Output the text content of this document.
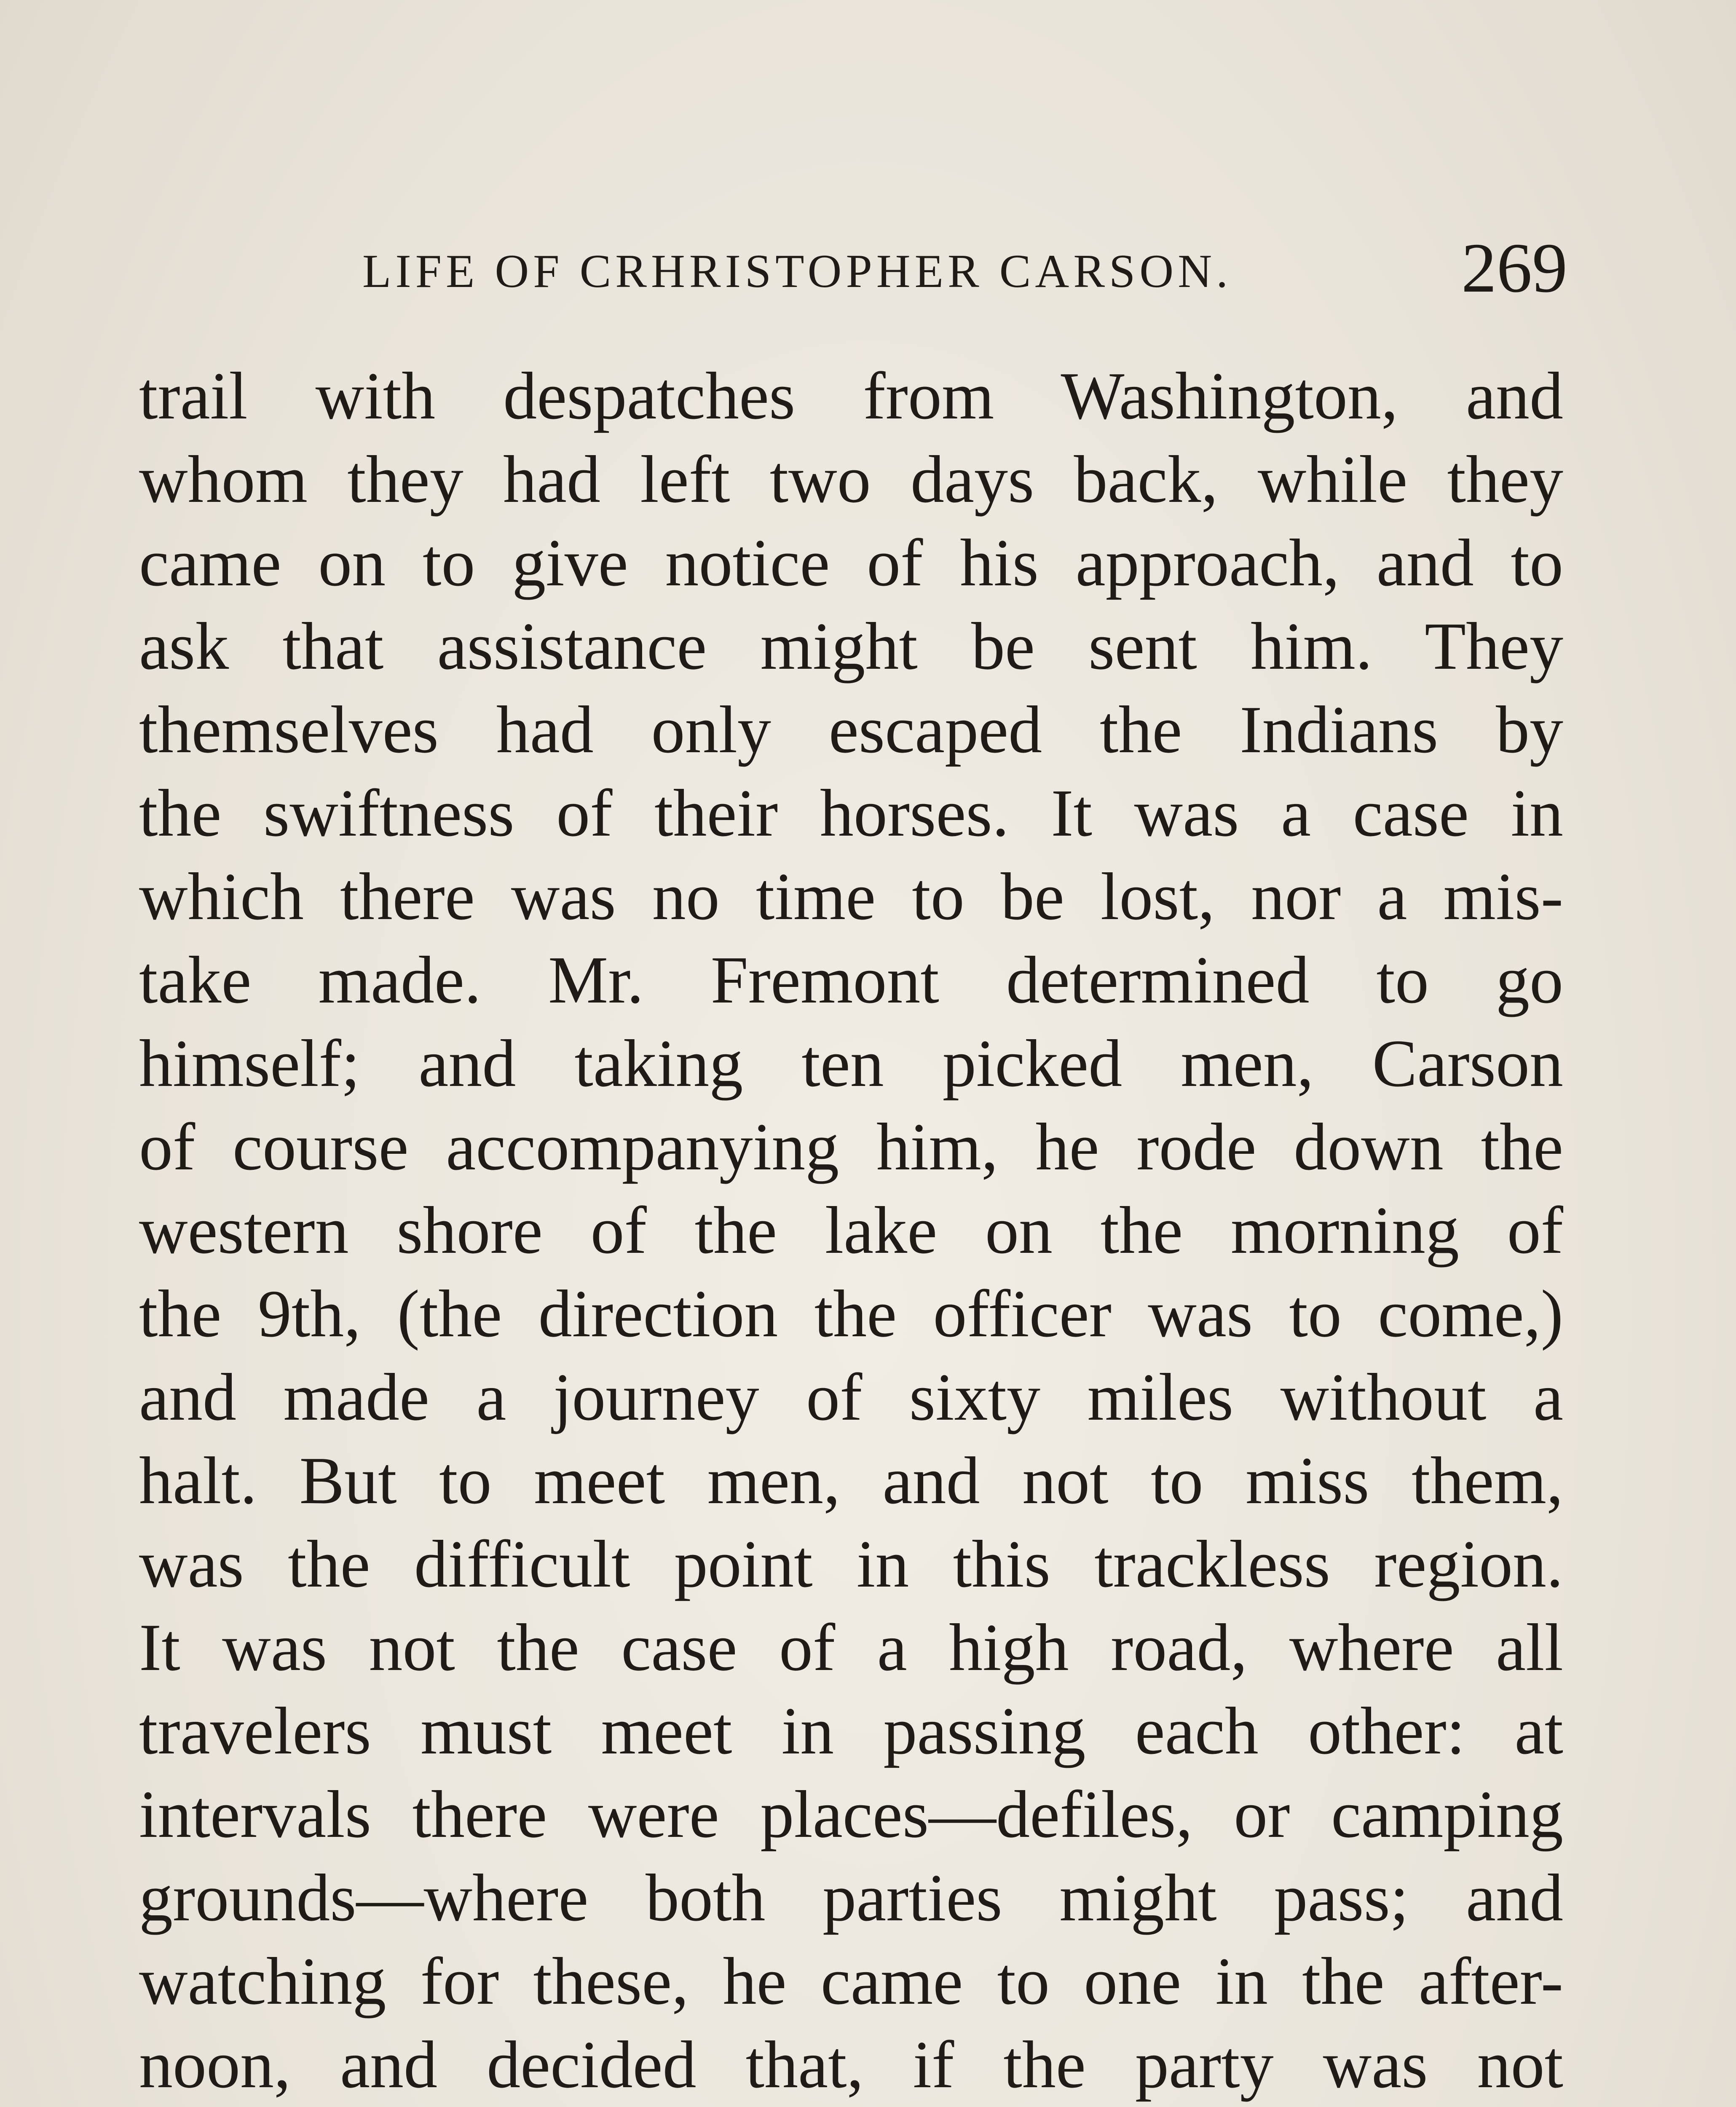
LIFE OF CRHRISTOPHER CARSON.	269
trail with despatches from Washington, and
whom they had left two days back, while they
came on to give notice of his approach, and to
ask that assistance might be sent him. They
themselves had only escaped the Indians by
the swiftness of their horses. It was a case in
which there was no time to be lost, nor a mis-
take made. Mr. Fremont determined to go
himself; and taking ten picked men, Carson
of course accompanying him, he rode down the
western shore of the lake on the morning of
the 9th, (the direction the officer was to come,)
and made a journey of sixty miles without a
halt. But to meet men, and not to miss them,
was the difficult point in this trackless region.
It was not the case of a high road, where all
travelers must meet in passing each other: at
intervals there were places—defiles, or camping
grounds—where both parties might pass; and
watching for these, he came to one in the after-
noon, and decided that, if the party was not
